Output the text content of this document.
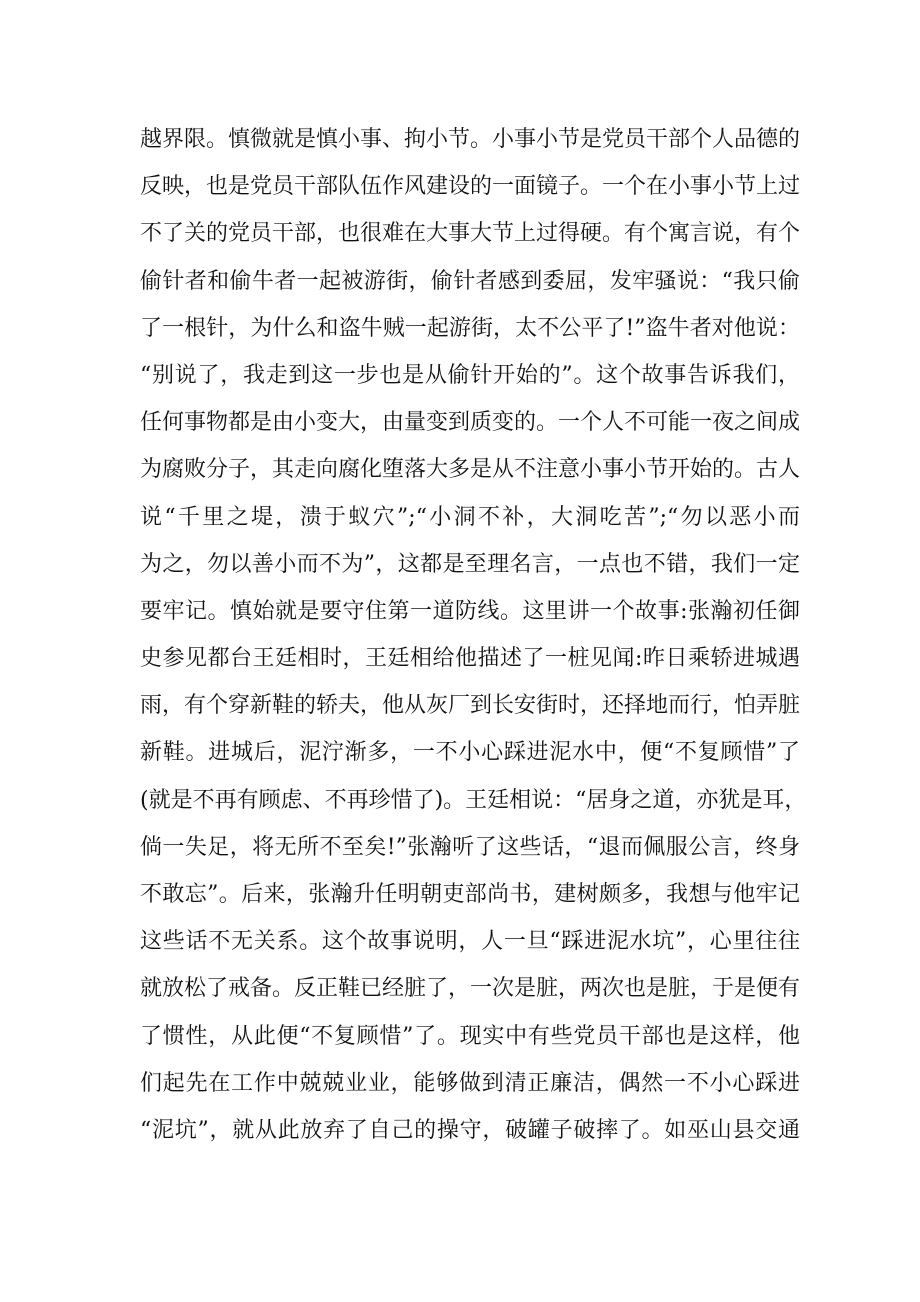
越界限。慎微就是慎小事、拘小节。小事小节是党员干部个人品德的
反映，也是党员干部队伍作风建设的一面镜子。一个在小事小节上过
不了关的党员干部，也很难在大事大节上过得硬。有个寓言说，有个
偷针者和偷牛者一起被游街，偷针者感到委屈，发牢骚说：“我只偷
了一根针，为什么和盗牛贼一起游街，太不公平了!”盗牛者对他说：
“别说了，我走到这一步也是从偷针开始的”。这个故事告诉我们，
任何事物都是由小变大，由量变到质变的。一个人不可能一夜之间成
为腐败分子，其走向腐化堕落大多是从不注意小事小节开始的。古人
说“千里之堤，溃于蚁穴”;“小洞不补，大洞吃苦”;“勿以恶小而
为之，勿以善小而不为”，这都是至理名言，一点也不错，我们一定
要牢记。慎始就是要守住第一道防线。这里讲一个故事:张瀚初任御
史参见都台王廷相时，王廷相给他描述了一桩见闻:昨日乘轿进城遇
雨，有个穿新鞋的轿夫，他从灰厂到长安街时，还择地而行，怕弄脏
新鞋。进城后，泥泞渐多，一不小心踩进泥水中，便“不复顾惜”了
(就是不再有顾虑、不再珍惜了)。王廷相说：“居身之道，亦犹是耳，
倘一失足，将无所不至矣!”张瀚听了这些话，“退而佩服公言，终身
不敢忘”。后来，张瀚升任明朝吏部尚书，建树颇多，我想与他牢记
这些话不无关系。这个故事说明，人一旦“踩进泥水坑”，心里往往
就放松了戒备。反正鞋已经脏了，一次是脏，两次也是脏，于是便有
了惯性，从此便“不复顾惜”了。现实中有些党员干部也是这样，他
们起先在工作中兢兢业业，能够做到清正廉洁，偶然一不小心踩进
“泥坑”，就从此放弃了自己的操守，破罐子破摔了。如巫山县交通
